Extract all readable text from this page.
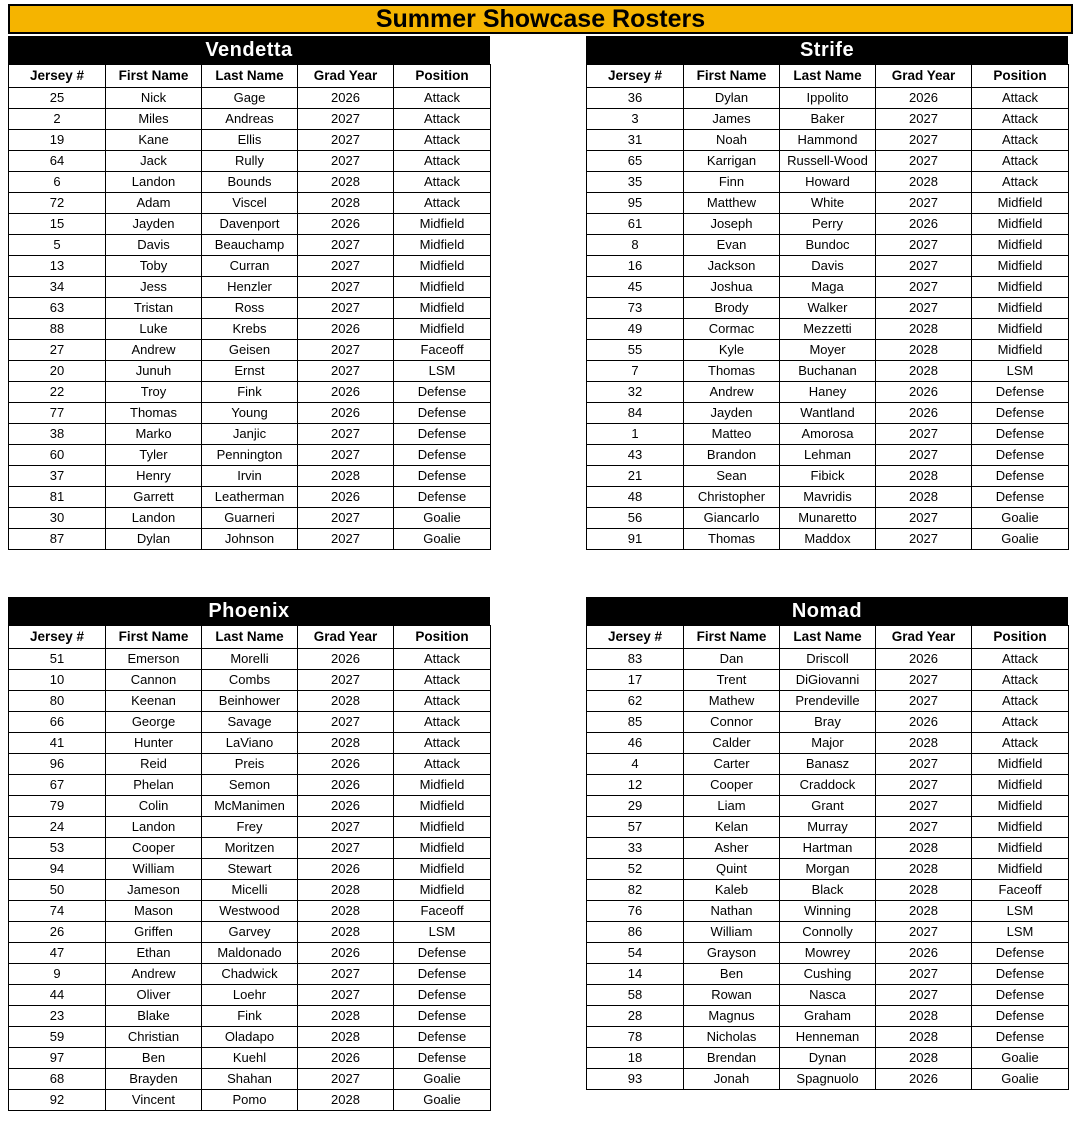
Summer Showcase Rosters
Vendetta
Jersey #	First Name	Last Name	Grad Year	Position
25	Nick	Gage	2026	Attack
2	Miles	Andreas	2027	Attack
19	Kane	Ellis	2027	Attack
64	Jack	Rully	2027	Attack
6	Landon	Bounds	2028	Attack
72	Adam	Viscel	2028	Attack
15	Jayden	Davenport	2026	Midfield
5	Davis	Beauchamp	2027	Midfield
13	Toby	Curran	2027	Midfield
34	Jess	Henzler	2027	Midfield
63	Tristan	Ross	2027	Midfield
88	Luke	Krebs	2026	Midfield
27	Andrew	Geisen	2027	Faceoff
20	Junuh	Ernst	2027	LSM
22	Troy	Fink	2026	Defense
77	Thomas	Young	2026	Defense
38	Marko	Janjic	2027	Defense
60	Tyler	Pennington	2027	Defense
37	Henry	Irvin	2028	Defense
81	Garrett	Leatherman	2026	Defense
30	Landon	Guarneri	2027	Goalie
87	Dylan	Johnson	2027	Goalie
Strife
Jersey #	First Name	Last Name	Grad Year	Position
36	Dylan	Ippolito	2026	Attack
3	James	Baker	2027	Attack
31	Noah	Hammond	2027	Attack
65	Karrigan	Russell-Wood	2027	Attack
35	Finn	Howard	2028	Attack
95	Matthew	White	2027	Midfield
61	Joseph	Perry	2026	Midfield
8	Evan	Bundoc	2027	Midfield
16	Jackson	Davis	2027	Midfield
45	Joshua	Maga	2027	Midfield
73	Brody	Walker	2027	Midfield
49	Cormac	Mezzetti	2028	Midfield
55	Kyle	Moyer	2028	Midfield
7	Thomas	Buchanan	2028	LSM
32	Andrew	Haney	2026	Defense
84	Jayden	Wantland	2026	Defense
1	Matteo	Amorosa	2027	Defense
43	Brandon	Lehman	2027	Defense
21	Sean	Fibick	2028	Defense
48	Christopher	Mavridis	2028	Defense
56	Giancarlo	Munaretto	2027	Goalie
91	Thomas	Maddox	2027	Goalie
Phoenix
Jersey #	First Name	Last Name	Grad Year	Position
51	Emerson	Morelli	2026	Attack
10	Cannon	Combs	2027	Attack
80	Keenan	Beinhower	2028	Attack
66	George	Savage	2027	Attack
41	Hunter	LaViano	2028	Attack
96	Reid	Preis	2026	Attack
67	Phelan	Semon	2026	Midfield
79	Colin	McManimen	2026	Midfield
24	Landon	Frey	2027	Midfield
53	Cooper	Moritzen	2027	Midfield
94	William	Stewart	2026	Midfield
50	Jameson	Micelli	2028	Midfield
74	Mason	Westwood	2028	Faceoff
26	Griffen	Garvey	2028	LSM
47	Ethan	Maldonado	2026	Defense
9	Andrew	Chadwick	2027	Defense
44	Oliver	Loehr	2027	Defense
23	Blake	Fink	2028	Defense
59	Christian	Oladapo	2028	Defense
97	Ben	Kuehl	2026	Defense
68	Brayden	Shahan	2027	Goalie
92	Vincent	Pomo	2028	Goalie
Nomad
Jersey #	First Name	Last Name	Grad Year	Position
83	Dan	Driscoll	2026	Attack
17	Trent	DiGiovanni	2027	Attack
62	Mathew	Prendeville	2027	Attack
85	Connor	Bray	2026	Attack
46	Calder	Major	2028	Attack
4	Carter	Banasz	2027	Midfield
12	Cooper	Craddock	2027	Midfield
29	Liam	Grant	2027	Midfield
57	Kelan	Murray	2027	Midfield
33	Asher	Hartman	2028	Midfield
52	Quint	Morgan	2028	Midfield
82	Kaleb	Black	2028	Faceoff
76	Nathan	Winning	2028	LSM
86	William	Connolly	2027	LSM
54	Grayson	Mowrey	2026	Defense
14	Ben	Cushing	2027	Defense
58	Rowan	Nasca	2027	Defense
28	Magnus	Graham	2028	Defense
78	Nicholas	Henneman	2028	Defense
18	Brendan	Dynan	2028	Goalie
93	Jonah	Spagnuolo	2026	Goalie
